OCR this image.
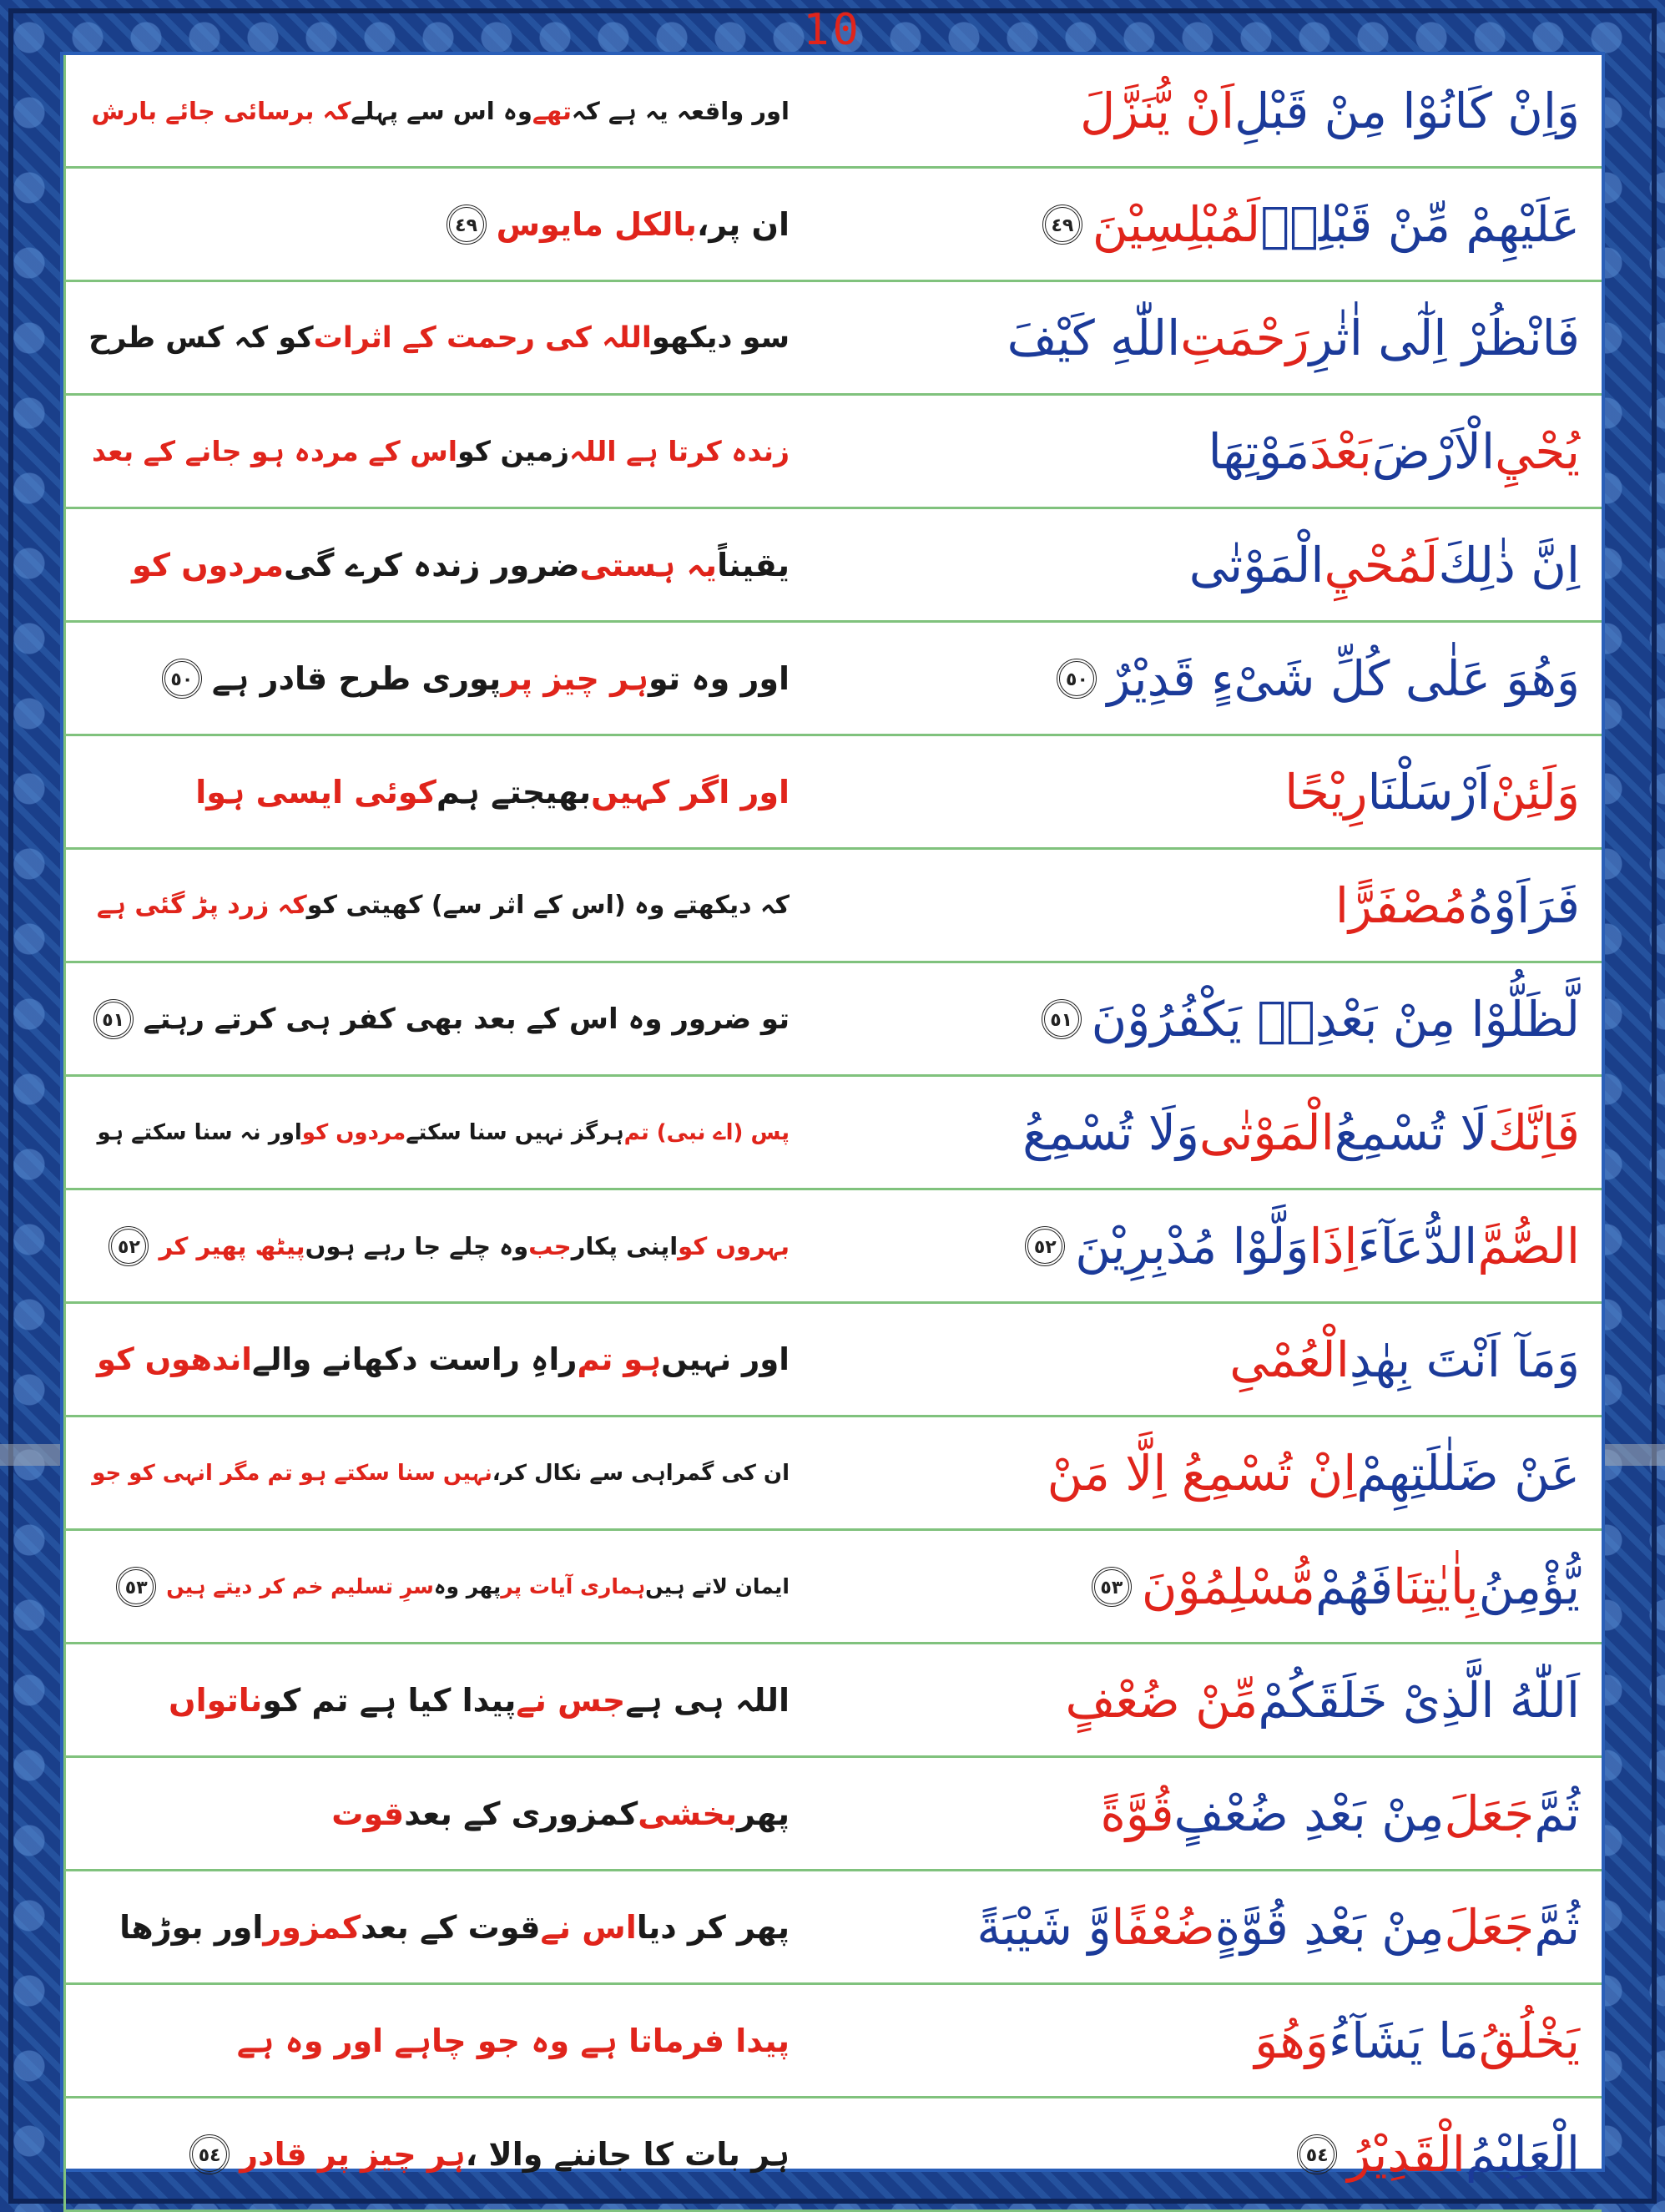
10
وَاِنْ كَانُوْا مِنْ قَبْلِ
اَنْ يُّنَزَّلَ
اور واقعہ یہ ہے کہ
تھے
وہ اس سے پہلے
کہ برسائی جائے بارش
عَلَيْهِمْ مِّنْ قَبْلِهٖ
لَمُبْلِسِيْنَ
٤٩
ان پر،
بالکل مایوس
٤٩
فَانْظُرْ اِلٰٓى اٰثٰرِ
رَحْمَتِ
اللّٰهِ كَيْفَ
سو دیکھو
اللہ کی رحمت کے اثرات
کو کہ کس طرح
يُحْيِ
الْاَرْضَ
بَعْدَ
مَوْتِهَا
زندہ کرتا ہے اللہ
زمین کو
اس کے مردہ ہو جانے کے بعد
اِنَّ ذٰلِكَ
لَمُحْيِ
الْمَوْتٰى
یقیناً
یہ ہستی
ضرور زندہ کرے گی
مردوں کو
وَهُوَ عَلٰى كُلِّ شَىْءٍ قَدِيْرٌ
٥٠
اور وہ تو
ہر چیز پر
پوری طرح قادر ہے
٥٠
وَلَئِنْ
اَرْسَلْنَا
رِيْحًا
اور اگر کہیں
بھیجتے ہم
کوئی ایسی ہوا
فَرَاَوْهُ
مُصْفَرًّا
کہ دیکھتے وہ (اس کے اثر سے) کھیتی کو
کہ زرد پڑ گئی ہے
لَّظَلُّوْا مِنْ بَعْدِهٖ يَكْفُرُوْنَ
٥١
تو ضرور وہ اس کے بعد بھی کفر ہی کرتے رہتے
٥١
فَاِنَّكَ
لَا تُسْمِعُ
الْمَوْتٰى
وَلَا تُسْمِعُ
پس (اے نبی) تم
ہرگز نہیں سنا سکتے
مردوں کو
اور نہ سنا سکتے ہو
الصُّمَّ
الدُّعَآءَ
اِذَا
وَلَّوْا مُدْبِرِيْنَ
٥٢
بہروں کو
اپنی پکار
جب
وہ چلے جا رہے ہوں
پیٹھ پھیر کر
٥٢
وَمَآ اَنْتَ بِهٰدِ
الْعُمْىِ
اور نہیں
ہو تم
راہِ راست دکھانے والے
اندھوں کو
عَنْ ضَلٰلَتِهِمْ
اِنْ تُسْمِعُ اِلَّا مَنْ
ان کی گمراہی سے نکال کر،
نہیں سنا سکتے ہو تم مگر انہی کو جو
يُّؤْمِنُ
بِاٰيٰتِنَا
فَهُمْ
مُّسْلِمُوْنَ
٥٣
ایمان لاتے ہیں
ہماری آیات پر
پھر وہ
سرِ تسلیم خم کر دیتے ہیں
٥٣
اَللّٰهُ الَّذِىْ خَلَقَكُمْ
مِّنْ ضُعْفٍ
اللہ ہی ہے
جس نے
پیدا کیا ہے تم کو
ناتواں
ثُمَّ
جَعَلَ
مِنْ بَعْدِ ضُعْفٍ
قُوَّةً
پھر
بخشی
کمزوری کے بعد
قوت
ثُمَّ
جَعَلَ
مِنْ بَعْدِ قُوَّةٍ
ضُعْفًا
وَّ شَيْبَةً
پھر کر دیا
اس نے
قوت کے بعد
کمزور
اور بوڑھا
يَخْلُقُ
مَا يَشَآءُ
وَهُوَ
پیدا فرماتا ہے وہ جو چاہے اور وہ ہے
الْعَلِيْمُ
الْقَدِيْرُ
٥٤
ہر بات کا جاننے والا ،
ہر چیز پر قادر
٥٤
